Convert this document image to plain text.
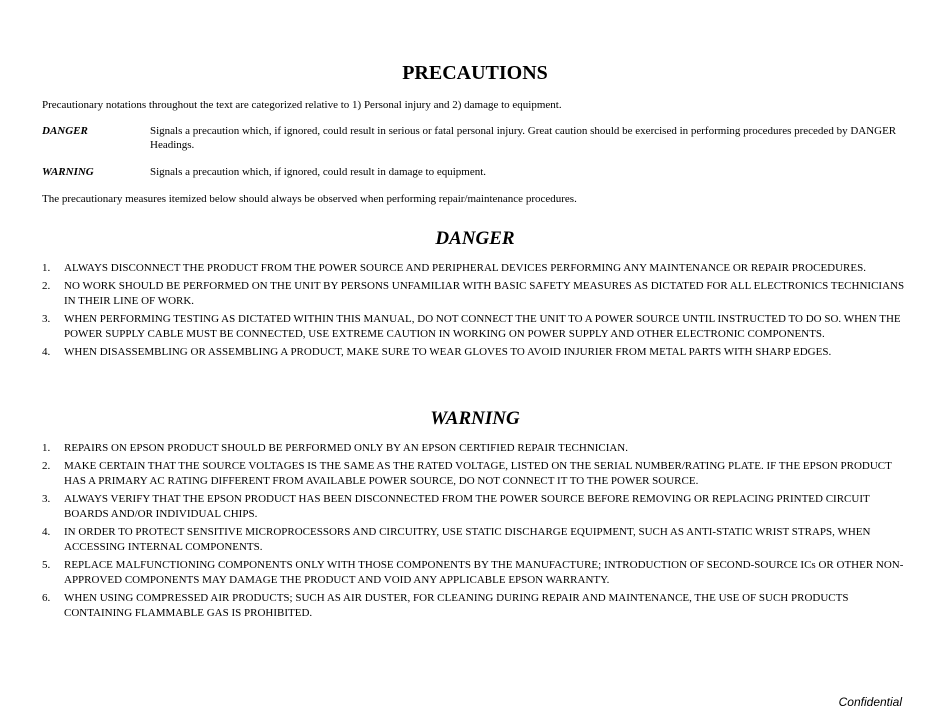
PRECAUTIONS
Precautionary notations throughout the text are categorized relative to 1) Personal injury and 2) damage to equipment.
DANGER	Signals a precaution which, if ignored, could result in serious or fatal personal injury. Great caution should be exercised in performing procedures preceded by DANGER Headings.
WARNING	Signals a precaution which, if ignored, could result in damage to equipment.
The precautionary measures itemized below should always be observed when performing repair/maintenance procedures.
DANGER
1. ALWAYS DISCONNECT THE PRODUCT FROM THE POWER SOURCE AND PERIPHERAL DEVICES PERFORMING ANY MAINTENANCE OR REPAIR PROCEDURES.
2. NO WORK SHOULD BE PERFORMED ON THE UNIT BY PERSONS UNFAMILIAR WITH BASIC SAFETY MEASURES AS DICTATED FOR ALL ELECTRONICS TECHNICIANS IN THEIR LINE OF WORK.
3. WHEN PERFORMING TESTING AS DICTATED WITHIN THIS MANUAL, DO NOT CONNECT THE UNIT TO A POWER SOURCE UNTIL INSTRUCTED TO DO SO. WHEN THE POWER SUPPLY CABLE MUST BE CONNECTED, USE EXTREME CAUTION IN WORKING ON POWER SUPPLY AND OTHER ELECTRONIC COMPONENTS.
4. WHEN DISASSEMBLING OR ASSEMBLING A PRODUCT, MAKE SURE TO WEAR GLOVES TO AVOID INJURIER FROM METAL PARTS WITH SHARP EDGES.
WARNING
1. REPAIRS ON EPSON PRODUCT SHOULD BE PERFORMED ONLY BY AN EPSON CERTIFIED REPAIR TECHNICIAN.
2. MAKE CERTAIN THAT THE SOURCE VOLTAGES IS THE SAME AS THE RATED VOLTAGE, LISTED ON THE SERIAL NUMBER/RATING PLATE. IF THE EPSON PRODUCT HAS A PRIMARY AC RATING DIFFERENT FROM AVAILABLE POWER SOURCE, DO NOT CONNECT IT TO THE POWER SOURCE.
3. ALWAYS VERIFY THAT THE EPSON PRODUCT HAS BEEN DISCONNECTED FROM THE POWER SOURCE BEFORE REMOVING OR REPLACING PRINTED CIRCUIT BOARDS AND/OR INDIVIDUAL CHIPS.
4. IN ORDER TO PROTECT SENSITIVE MICROPROCESSORS AND CIRCUITRY, USE STATIC DISCHARGE EQUIPMENT, SUCH AS ANTI-STATIC WRIST STRAPS, WHEN ACCESSING INTERNAL COMPONENTS.
5. REPLACE MALFUNCTIONING COMPONENTS ONLY WITH THOSE COMPONENTS BY THE MANUFACTURE; INTRODUCTION OF SECOND-SOURCE ICs OR OTHER NON-APPROVED COMPONENTS MAY DAMAGE THE PRODUCT AND VOID ANY APPLICABLE EPSON WARRANTY.
6. WHEN USING COMPRESSED AIR PRODUCTS; SUCH AS AIR DUSTER, FOR CLEANING DURING REPAIR AND MAINTENANCE, THE USE OF SUCH PRODUCTS CONTAINING FLAMMABLE GAS IS PROHIBITED.
Confidential
